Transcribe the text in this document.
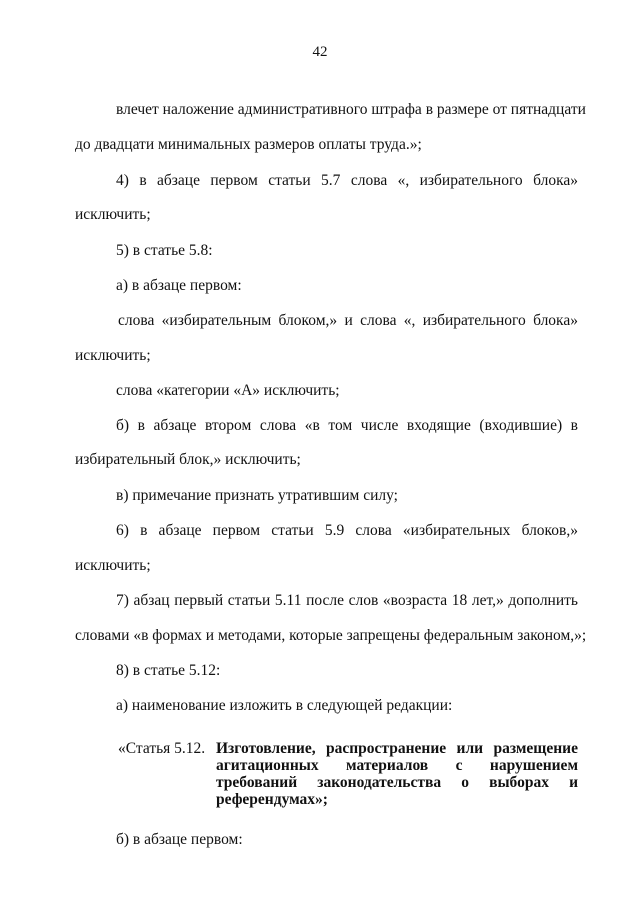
42
влечет наложение административного штрафа в размере от пятнадцати
до двадцати минимальных размеров оплаты труда.»;
4) в абзаце первом статьи 5.7 слова «, избирательного блока»
исключить;
5) в статье 5.8:
а) в абзаце первом:
слова «избирательным блоком,» и слова «, избирательного блока»
исключить;
слова «категории «А» исключить;
б) в абзаце втором слова «в том числе входящие (входившие) в
избирательный блок,» исключить;
в) примечание признать утратившим силу;
6) в абзаце первом статьи 5.9 слова «избирательных блоков,»
исключить;
7) абзац первый статьи 5.11 после слов «возраста 18 лет,» дополнить
словами «в формах и методами, которые запрещены федеральным законом,»;
8) в статье 5.12:
а) наименование изложить в следующей редакции:
«Статья 5.12. Изготовление, распространение или размещение
агитационных материалов с нарушением
требований законодательства о выборах и
референдумах»;
б) в абзаце первом:
